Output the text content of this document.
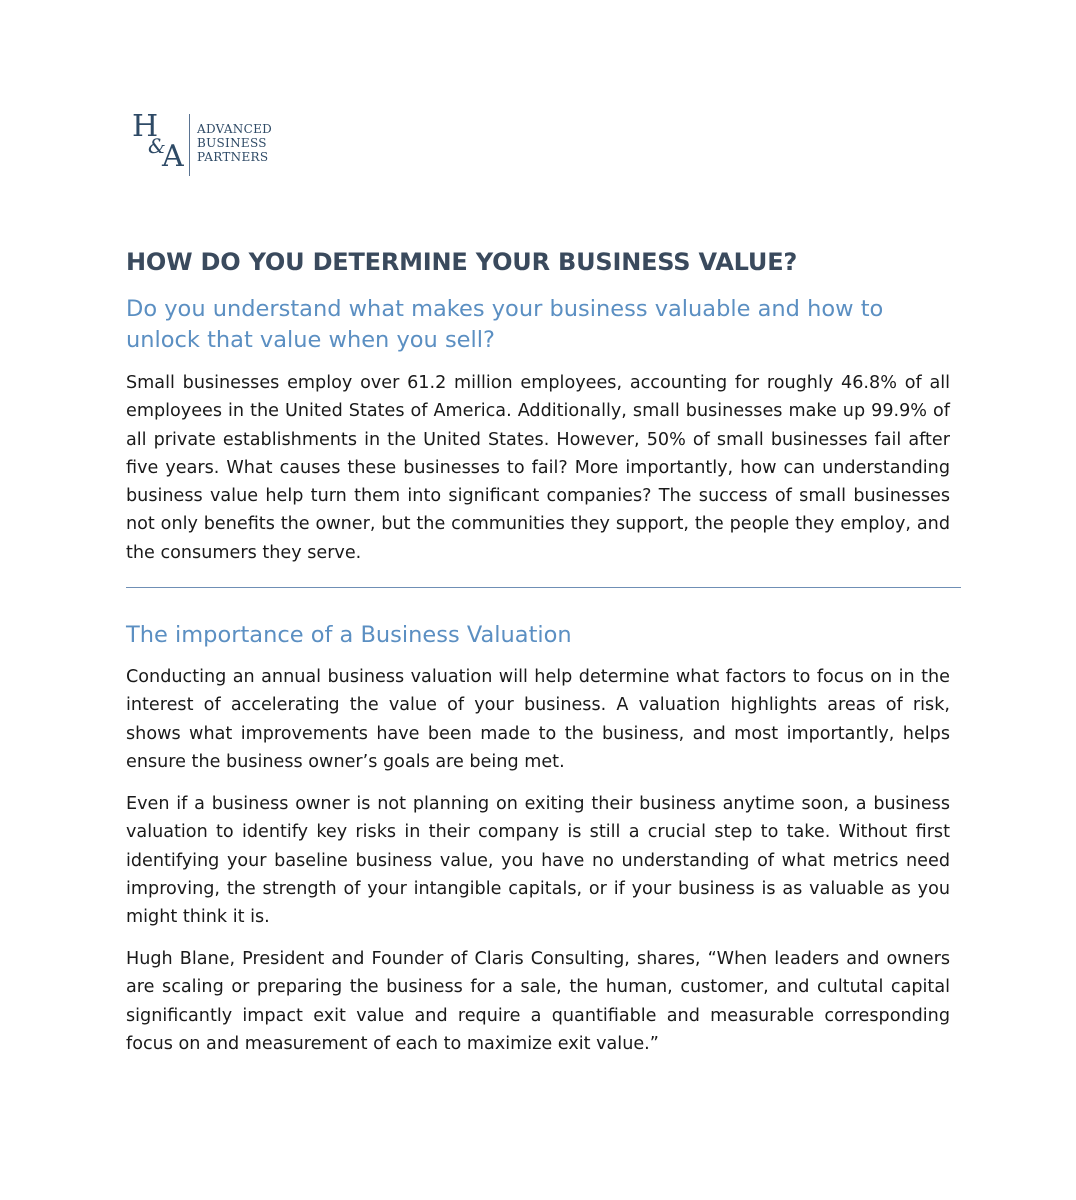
H
&
A
ADVANCED
BUSINESS
PARTNERS
HOW DO YOU DETERMINE YOUR BUSINESS VALUE?
Do you understand what makes your business valuable and how to unlock that value when you sell?

Small businesses employ over 61.2 million employees, accounting for roughly 46.8% of all employees in the United States of America. Additionally, small businesses make up 99.9% of all private establishments in the United States. However, 50% of small businesses fail after five years. What causes these businesses to fail? More importantly, how can understanding business value help turn them into significant companies? The success of small businesses not only benefits the owner, but the communities they support, the people they employ, and the consumers they serve.

The importance of a Business Valuation

Conducting an annual business valuation will help determine what factors to focus on in the interest of accelerating the value of your business. A valuation highlights areas of risk, shows what improvements have been made to the business, and most importantly, helps ensure the business owner’s goals are being met.

Even if a business owner is not planning on exiting their business anytime soon, a business valuation to identify key risks in their company is still a crucial step to take. Without first identifying your baseline business value, you have no understanding of what metrics need improving, the strength of your intangible capitals, or if your business is as valuable as you might think it is.

Hugh Blane, President and Founder of Claris Consulting, shares, “When leaders and owners are scaling or preparing the business for a sale, the human, customer, and cultutal capital significantly impact exit value and require a quantifiable and measurable corresponding focus on and measurement of each to maximize exit value.”
